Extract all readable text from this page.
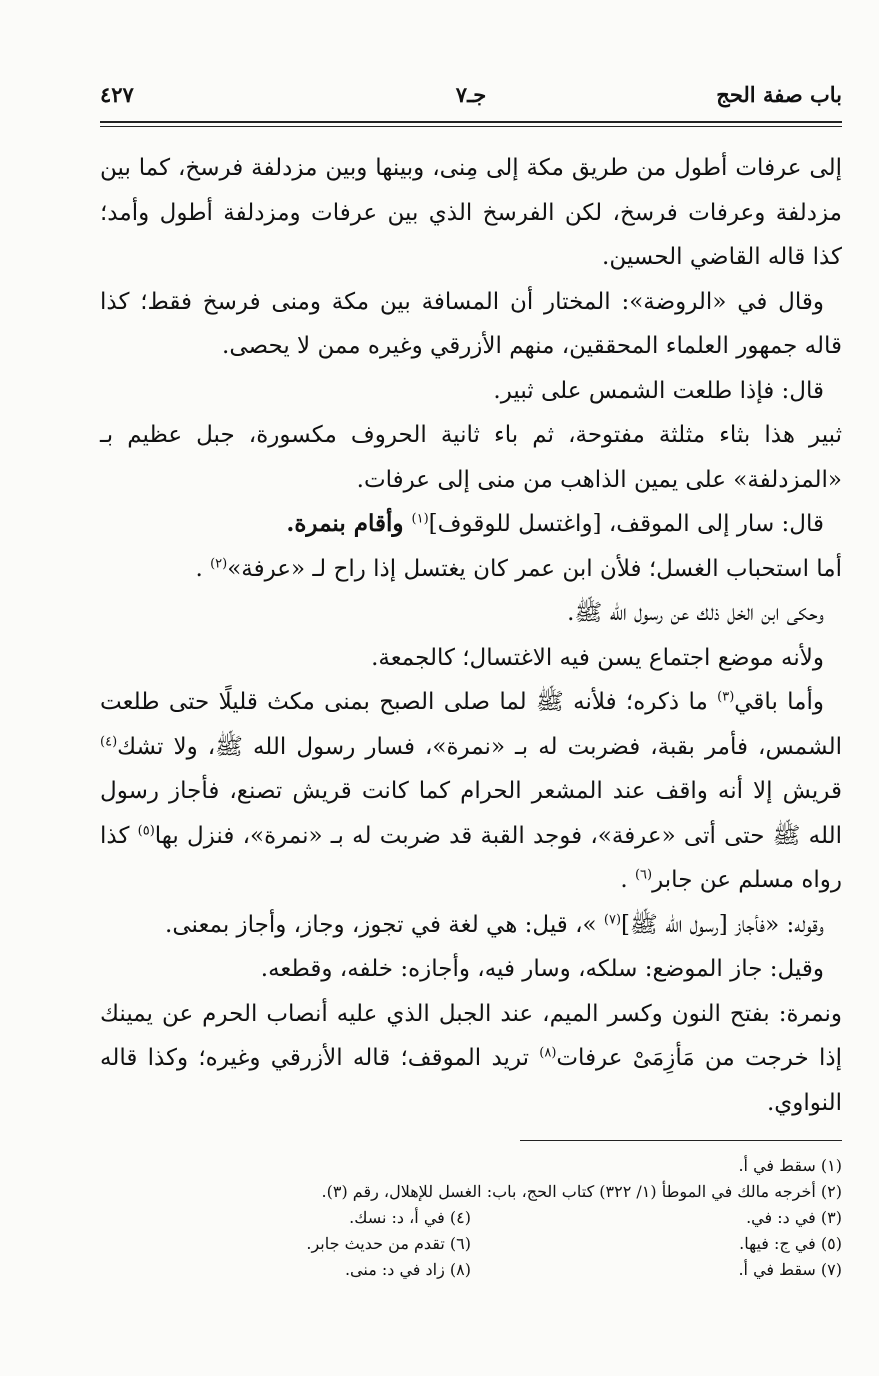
باب صفة الحج
جـ٧
٤٢٧

إلى عرفات أطول من طريق مكة إلى مِنى، وبينها وبين مزدلفة فرسخ، كما بين مزدلفة وعرفات فرسخ، لكن الفرسخ الذي بين عرفات ومزدلفة أطول وأمد؛ كذا قاله القاضي الحسين.

وقال في «الروضة»: المختار أن المسافة بين مكة ومنى فرسخ فقط؛ كذا قاله جمهور العلماء المحققين، منهم الأزرقي وغيره ممن لا يحصى.

قال: فإذا طلعت الشمس على ثبير.

ثبير هذا بثاء مثلثة مفتوحة، ثم باء ثانية الحروف مكسورة، جبل عظيم بـ «المزدلفة» على يمين الذاهب من منى إلى عرفات.

قال: سار إلى الموقف، [واغتسل للوقوف]$^{(١)}$ وأقام بنمرة.

أما استحباب الغسل؛ فلأن ابن عمر كان يغتسل إذا راح لـ «عرفة»$^{(٢)}$ .

وحكى ابن الخل ذلك عن رسول الله ﷺ.

ولأنه موضع اجتماع يسن فيه الاغتسال؛ كالجمعة.

وأما باقي$^{(٣)}$ ما ذكره؛ فلأنه ﷺ لما صلى الصبح بمنى مكث قليلًا حتى طلعت الشمس، فأمر بقبة، فضربت له بـ «نمرة»، فسار رسول الله ﷺ، ولا تشك$^{(٤)}$ قريش إلا أنه واقف عند المشعر الحرام كما كانت قريش تصنع، فأجاز رسول الله ﷺ حتى أتى «عرفة»، فوجد القبة قد ضربت له بـ «نمرة»، فنزل بها$^{(٥)}$ كذا رواه مسلم عن جابر$^{(٦)}$ .

وقوله: «فأجاز [رسول الله ﷺ]$^{(٧)}$ »، قيل: هي لغة في تجوز، وجاز، وأجاز بمعنى.

وقيل: جاز الموضع: سلكه، وسار فيه، وأجازه: خلفه، وقطعه.

ونمرة: بفتح النون وكسر الميم، عند الجبل الذي عليه أنصاب الحرم عن يمينك إذا خرجت من مَأزِمَىْ عرفات$^{(٨)}$ تريد الموقف؛ قاله الأزرقي وغيره؛ وكذا قاله النواوي.

(١) سقط في أ.
(٢) أخرجه مالك في الموطأ (١/ ٣٢٢) كتاب الحج، باب: الغسل للإهلال، رقم (٣).
(٣) في د: في.
(٤) في أ، د: نسك.
(٥) في ج: فيها.
(٦) تقدم من حديث جابر.
(٧) سقط في أ.
(٨) زاد في د: منى.
